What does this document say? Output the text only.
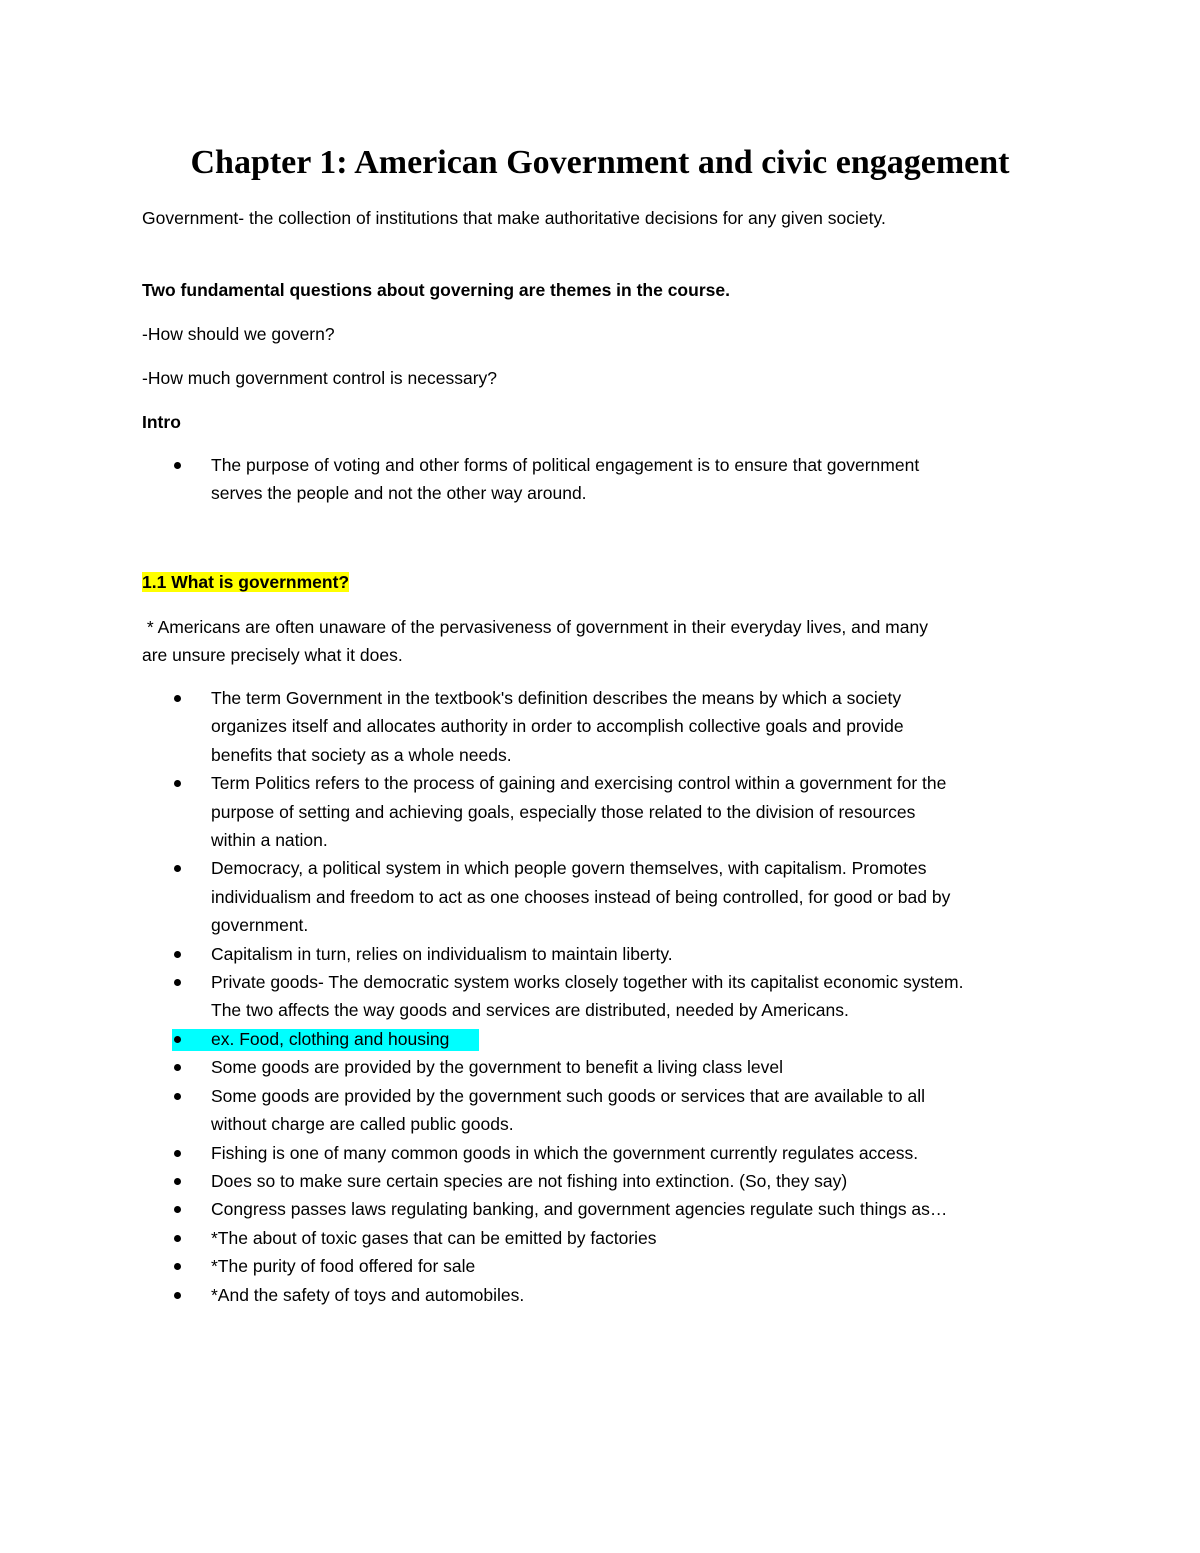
Chapter 1: American Government and civic engagement

Government- the collection of institutions that make authoritative decisions for any given society.

Two fundamental questions about governing are themes in the course.

-How should we govern?

-How much government control is necessary?

Intro

The purpose of voting and other forms of political engagement is to ensure that government
serves the people and not the other way around.

1.1 What is government?

* Americans are often unaware of the pervasiveness of government in their everyday lives, and many

are unsure precisely what it does.

The term Government in the textbook's definition describes the means by which a society
organizes itself and allocates authority in order to accomplish collective goals and provide
benefits that society as a whole needs.
Term Politics refers to the process of gaining and exercising control within a government for the
purpose of setting and achieving goals, especially those related to the division of resources
within a nation.
Democracy, a political system in which people govern themselves, with capitalism. Promotes
individualism and freedom to act as one chooses instead of being controlled, for good or bad by
government.
Capitalism in turn, relies on individualism to maintain liberty.
Private goods- The democratic system works closely together with its capitalist economic system.
The two affects the way goods and services are distributed, needed by Americans.
ex. Food, clothing and housing
Some goods are provided by the government to benefit a living class level
Some goods are provided by the government such goods or services that are available to all
without charge are called public goods.
Fishing is one of many common goods in which the government currently regulates access.
Does so to make sure certain species are not fishing into extinction. (So, they say)
Congress passes laws regulating banking, and government agencies regulate such things as…
*The about of toxic gases that can be emitted by factories
*The purity of food offered for sale
*And the safety of toys and automobiles.
